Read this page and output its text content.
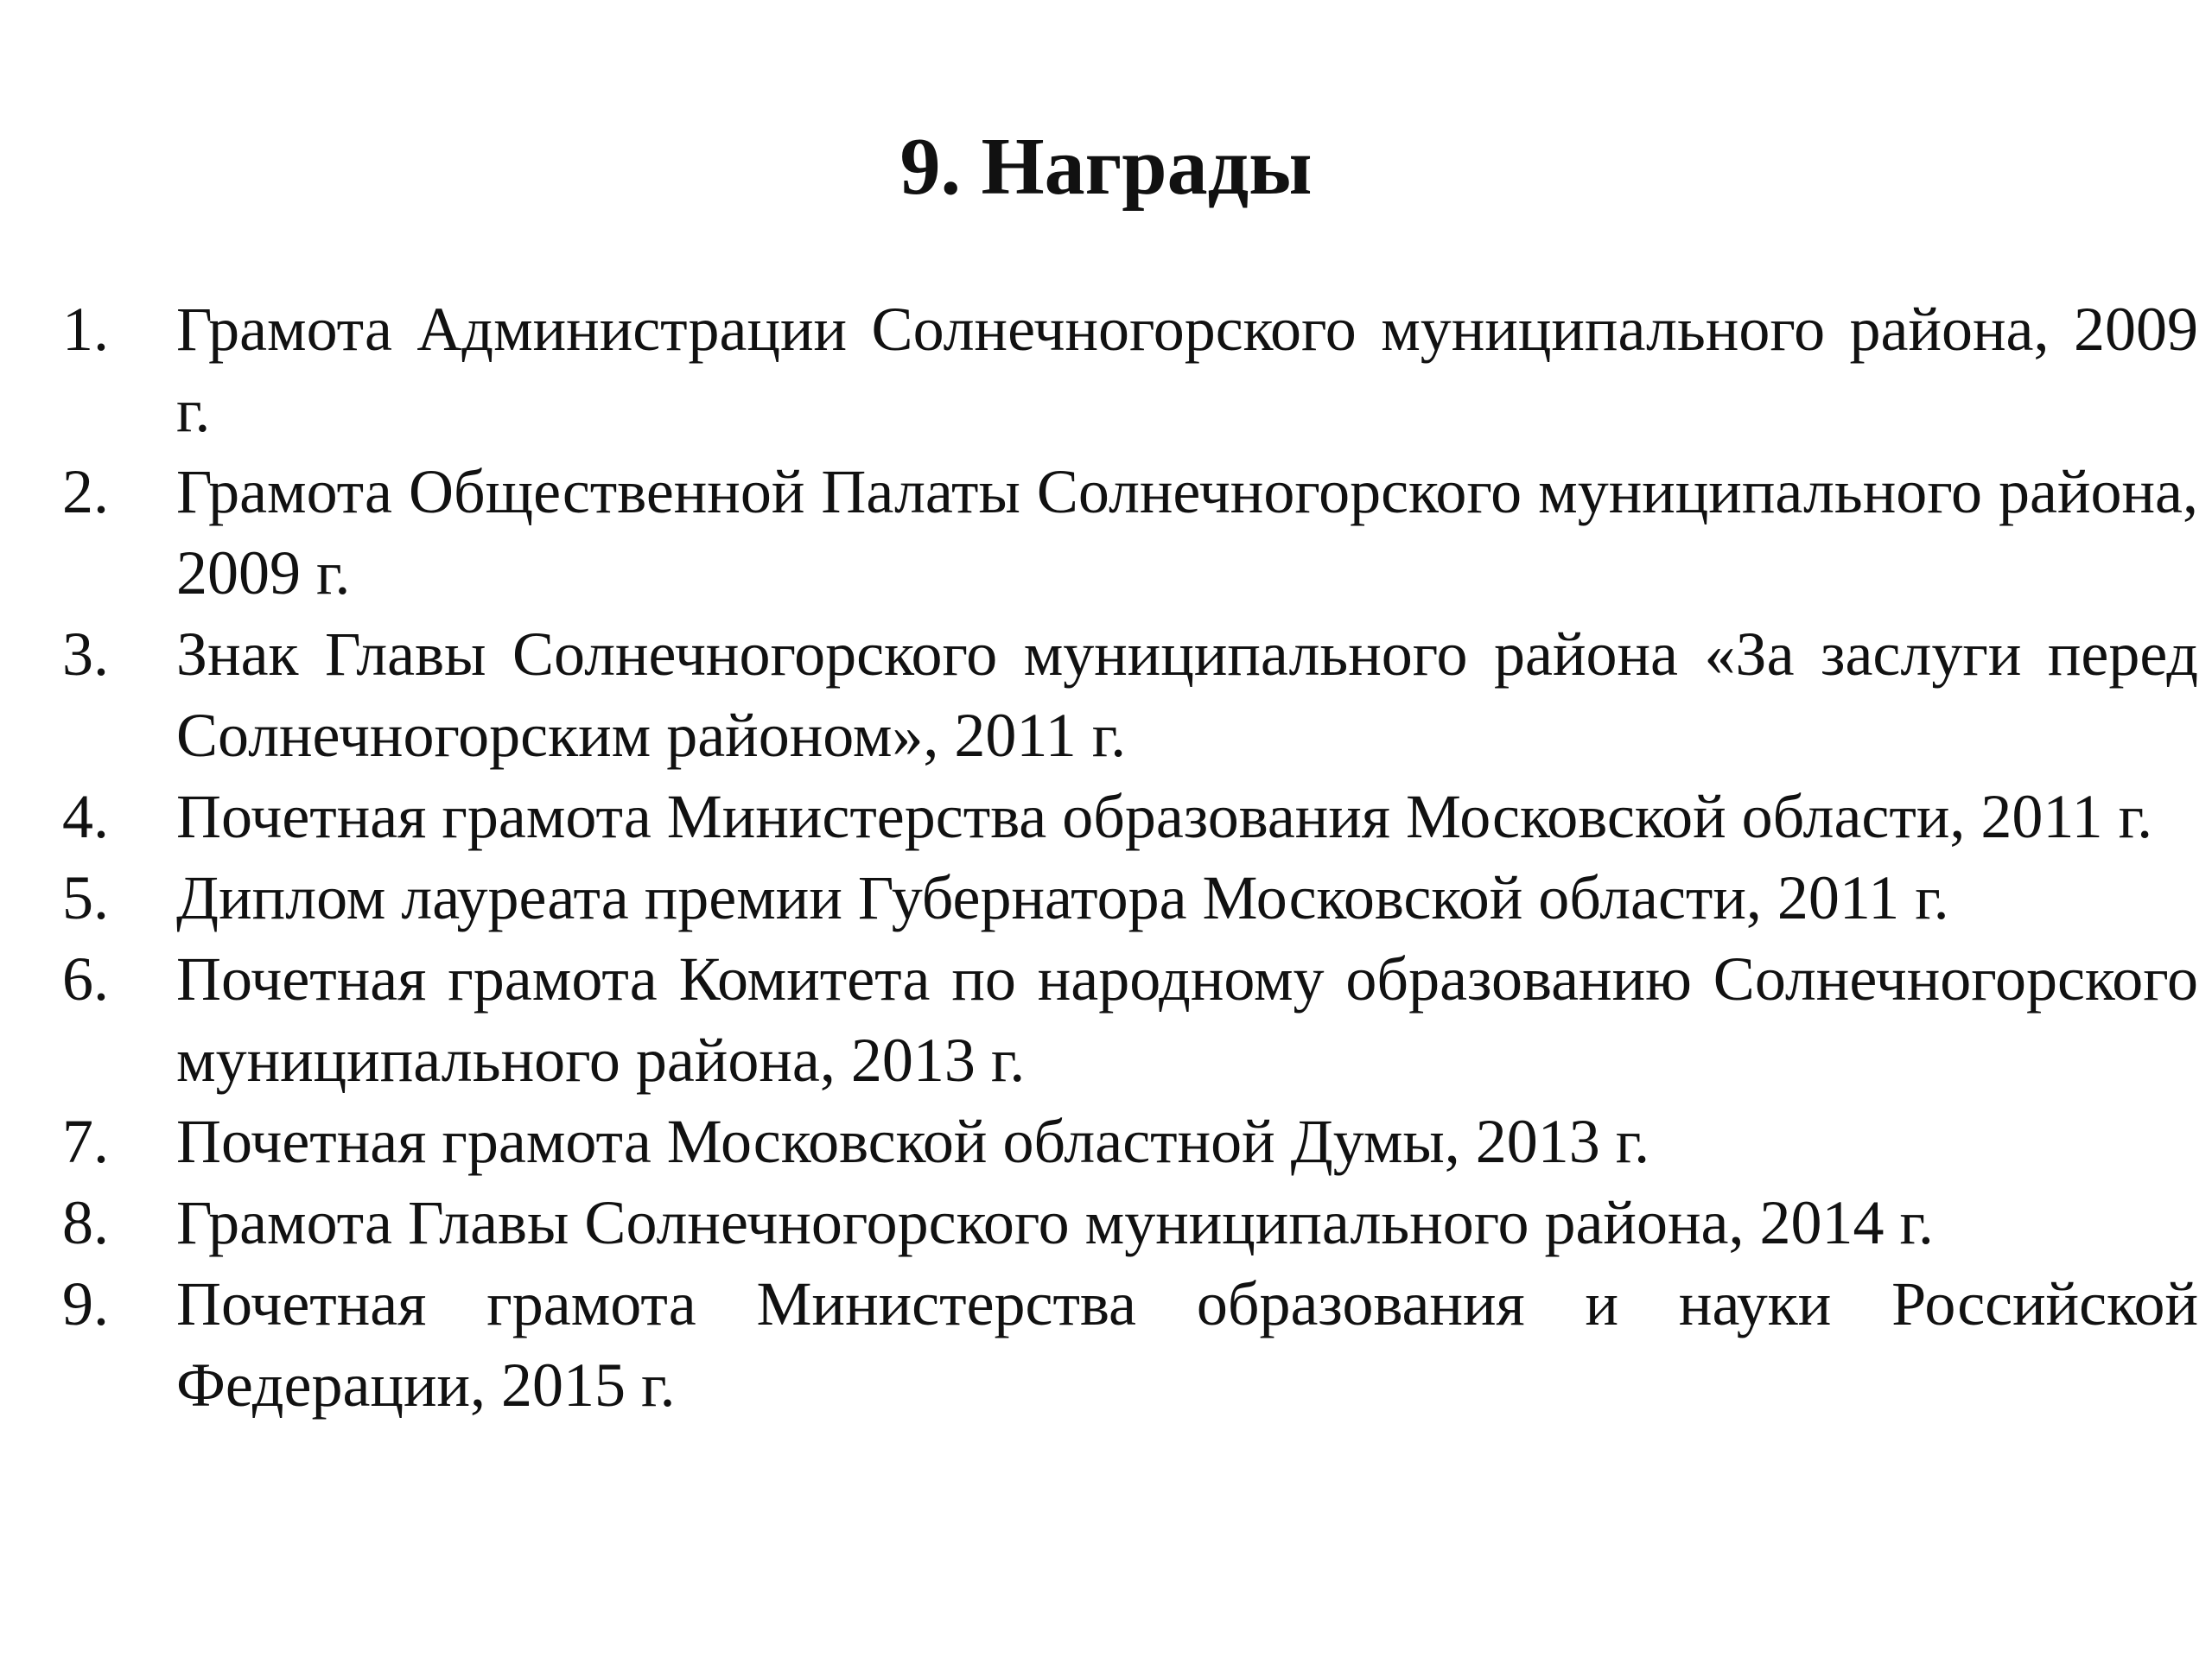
9. Награды
1.	Грамота Администрации Солнечногорского муниципального района, 2009 г.
2.	Грамота Общественной Палаты Солнечногорского муниципального района, 2009 г.
3.	Знак Главы Солнечногорского муниципального района «За заслуги перед Солнечногорским районом», 2011 г.
4.	Почетная грамота Министерства образования Московской области, 2011 г.
5.	Диплом лауреата премии Губернатора Московской области, 2011 г.
6.	Почетная грамота Комитета по народному образованию Солнечногорского муниципального района, 2013 г.
7.	Почетная грамота Московской областной Думы, 2013 г.
8.	Грамота Главы Солнечногорского муниципального района, 2014 г.
9.	Почетная грамота Министерства образования и науки Российской Федерации, 2015 г.
